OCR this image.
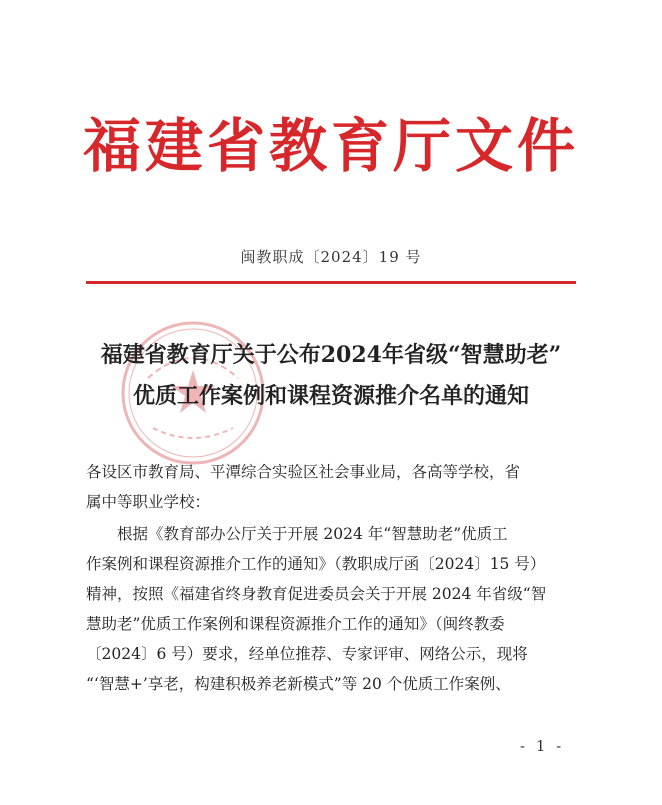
福建省教育厅文件
闽教职成〔2024〕19 号
福建省教育厅关于公布2024年省级“智慧助老”
优质工作案例和课程资源推介名单的通知
各设区市教育局、平潭综合实验区社会事业局，各高等学校，省
属中等职业学校：
根据《教育部办公厅关于开展 2024 年“智慧助老”优质工
作案例和课程资源推介工作的通知》（教职成厅函〔2024〕15 号）
精神，按照《福建省终身教育促进委员会关于开展 2024 年省级“智
慧助老”优质工作案例和课程资源推介工作的通知》（闽终教委
〔2024〕6 号）要求，经单位推荐、专家评审、网络公示，现将
“‘智慧+’享老，构建积极养老新模式”等 20 个优质工作案例、
- 1 -
